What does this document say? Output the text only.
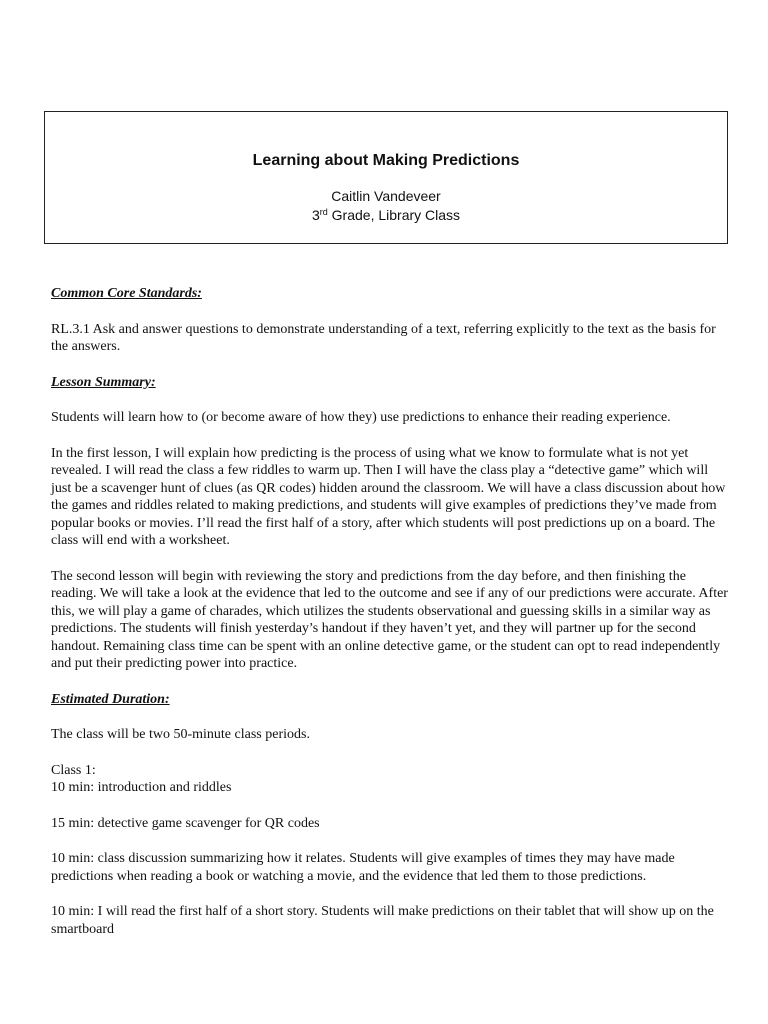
Learning about Making Predictions
Caitlin Vandeveer
3rd Grade, Library Class
Common Core Standards:

RL.3.1 Ask and answer questions to demonstrate understanding of a text, referring explicitly to the text as the basis for the answers.

Lesson Summary:

Students will learn how to (or become aware of how they) use predictions to enhance their reading experience.

In the first lesson, I will explain how predicting is the process of using what we know to formulate what is not yet revealed. I will read the class a few riddles to warm up. Then I will have the class play a “detective game” which will just be a scavenger hunt of clues (as QR codes) hidden around the classroom. We will have a class discussion about how the games and riddles related to making predictions, and students will give examples of predictions they’ve made from popular books or movies. I’ll read the first half of a story, after which students will post predictions up on a board. The class will end with a worksheet.

The second lesson will begin with reviewing the story and predictions from the day before, and then finishing the reading. We will take a look at the evidence that led to the outcome and see if any of our predictions were accurate. After this, we will play a game of charades, which utilizes the students observational and guessing skills in a similar way as predictions. The students will finish yesterday’s handout if they haven’t yet, and they will partner up for the second handout. Remaining class time can be spent with an online detective game, or the student can opt to read independently and put their predicting power into practice.

Estimated Duration:

The class will be two 50-minute class periods.

Class 1:

10 min: introduction and riddles

15 min: detective game scavenger for QR codes

10 min: class discussion summarizing how it relates. Students will give examples of times they may have made predictions when reading a book or watching a movie, and the evidence that led them to those predictions.

10 min: I will read the first half of a short story. Students will make predictions on their tablet that will show up on the smartboard
